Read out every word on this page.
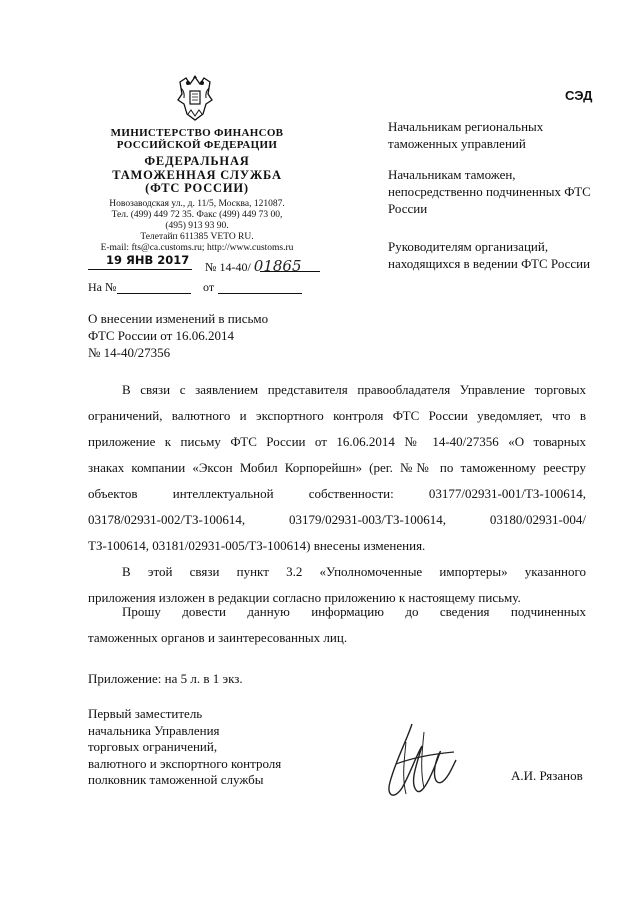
СЭД
МИНИСТЕРСТВО ФИНАНСОВ
РОССИЙСКОЙ ФЕДЕРАЦИИ
ФЕДЕРАЛЬНАЯ
ТАМОЖЕННАЯ СЛУЖБА
(ФТС РОССИИ)
Новозаводская ул., д. 11/5, Москва, 121087.
Тел. (499) 449 72 35. Факс (499) 449 73 00,
(495) 913 93 90.
Телетайп 611385 VETO RU.
E-mail: fts@ca.customs.ru; http://www.customs.ru
19 ЯНВ 2017 № 14-40/ 01865
На №	от
Начальникам региональных таможенных управлений
Начальникам таможен, непосредственно подчиненных ФТС России
Руководителям организаций, находящихся в ведении ФТС России
О внесении изменений в письмо
ФТС России от 16.06.2014
№ 14-40/27356
В связи с заявлением представителя правообладателя Управление торговых
ограничений, валютного и экспортного контроля ФТС России уведомляет, что в
приложение к письму ФТС России от 16.06.2014 № 14-40/27356 «О товарных
знаках компании «Эксон Мобил Корпорейшн» (рег. №№ по таможенному реестру
объектов интеллектуальной собственности: 03177/02931-001/ТЗ-100614,
03178/02931-002/ТЗ-100614, 03179/02931-003/ТЗ-100614, 03180/02931-004/
ТЗ-100614, 03181/02931-005/ТЗ-100614) внесены изменения.
В этой связи пункт 3.2 «Уполномоченные импортеры» указанного
приложения изложен в редакции согласно приложению к настоящему письму.
Прошу довести данную информацию до сведения подчиненных
таможенных органов и заинтересованных лиц.
Приложение: на 5 л. в 1 экз.
Первый заместитель
начальника Управления
торговых ограничений,
валютного и экспортного контроля
полковник таможенной службы	А.И. Рязанов
